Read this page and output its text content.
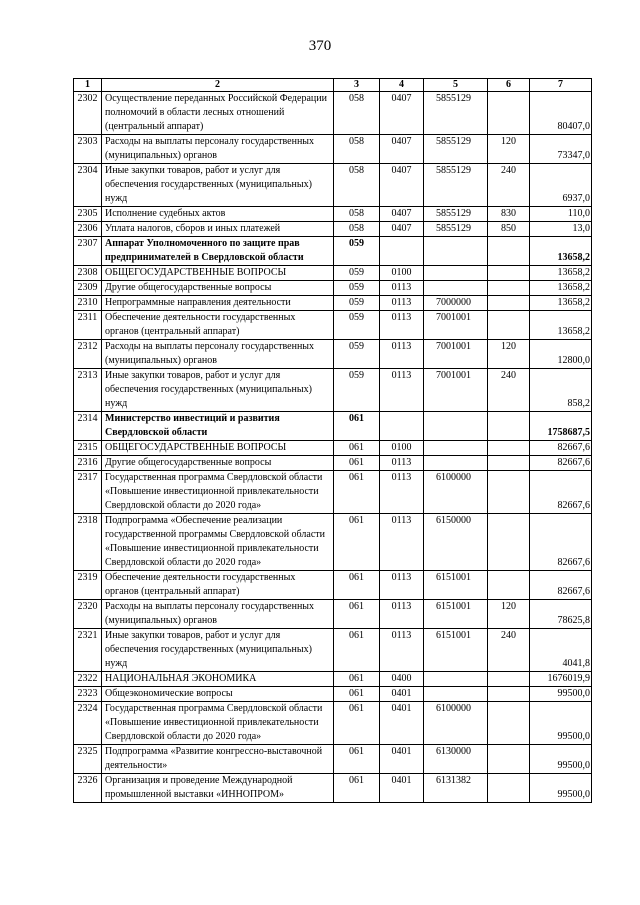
370
1	2	3	4	5	6	7
2302	Осуществление переданных Российской Федерации полномочий в области лесных отношений (центральный аппарат)	058	0407	5855129		80407,0
2303	Расходы на выплаты персоналу государственных (муниципальных) органов	058	0407	5855129	120	73347,0
2304	Иные закупки товаров, работ и услуг для обеспечения государственных (муниципальных) нужд	058	0407	5855129	240	6937,0
2305	Исполнение судебных актов	058	0407	5855129	830	110,0
2306	Уплата налогов, сборов и иных платежей	058	0407	5855129	850	13,0
2307	Аппарат Уполномоченного по защите прав предпринимателей в Свердловской области	059				13658,2
2308	ОБЩЕГОСУДАРСТВЕННЫЕ ВОПРОСЫ	059	0100			13658,2
2309	Другие общегосударственные вопросы	059	0113			13658,2
2310	Непрограммные направления деятельности	059	0113	7000000		13658,2
2311	Обеспечение деятельности государственных органов (центральный аппарат)	059	0113	7001001		13658,2
2312	Расходы на выплаты персоналу государственных (муниципальных) органов	059	0113	7001001	120	12800,0
2313	Иные закупки товаров, работ и услуг для обеспечения государственных (муниципальных) нужд	059	0113	7001001	240	858,2
2314	Министерство инвестиций и развития Свердловской области	061				1758687,5
2315	ОБЩЕГОСУДАРСТВЕННЫЕ ВОПРОСЫ	061	0100			82667,6
2316	Другие общегосударственные вопросы	061	0113			82667,6
2317	Государственная программа Свердловской области «Повышение инвестиционной привлекательности Свердловской области до 2020 года»	061	0113	6100000		82667,6
2318	Подпрограмма «Обеспечение реализации государственной программы Свердловской области «Повышение инвестиционной привлекательности Свердловской области до 2020 года»	061	0113	6150000		82667,6
2319	Обеспечение деятельности государственных органов (центральный аппарат)	061	0113	6151001		82667,6
2320	Расходы на выплаты персоналу государственных (муниципальных) органов	061	0113	6151001	120	78625,8
2321	Иные закупки товаров, работ и услуг для обеспечения государственных (муниципальных) нужд	061	0113	6151001	240	4041,8
2322	НАЦИОНАЛЬНАЯ ЭКОНОМИКА	061	0400			1676019,9
2323	Общеэкономические вопросы	061	0401			99500,0
2324	Государственная программа Свердловской области «Повышение инвестиционной привлекательности Свердловской области до 2020 года»	061	0401	6100000		99500,0
2325	Подпрограмма «Развитие конгрессно-выставочной деятельности»	061	0401	6130000		99500,0
2326	Организация и проведение Международной промышленной выставки «ИННОПРОМ»	061	0401	6131382		99500,0
